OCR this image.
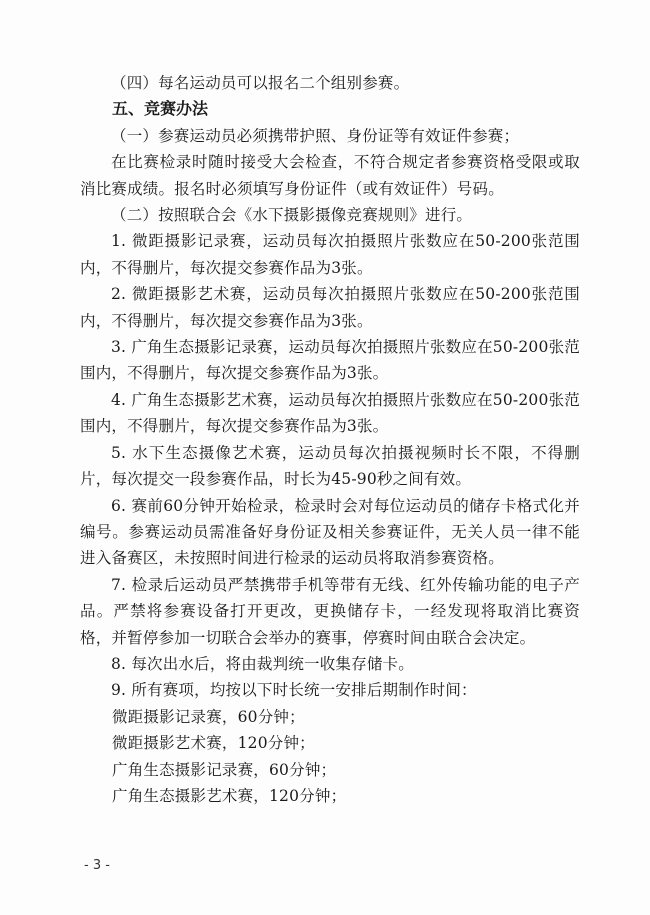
（四）每名运动员可以报名二个组别参赛。

五、竞赛办法

（一）参赛运动员必须携带护照、身份证等有效证件参赛；

在比赛检录时随时接受大会检查，不符合规定者参赛资格受限或取消比赛成绩。报名时必须填写身份证件（或有效证件）号码。

（二）按照联合会《水下摄影摄像竞赛规则》进行。

1. 微距摄影记录赛，运动员每次拍摄照片张数应在50-200张范围内，不得删片，每次提交参赛作品为3张。

2. 微距摄影艺术赛，运动员每次拍摄照片张数应在50-200张范围内，不得删片，每次提交参赛作品为3张。

3. 广角生态摄影记录赛，运动员每次拍摄照片张数应在50-200张范围内，不得删片，每次提交参赛作品为3张。

4. 广角生态摄影艺术赛，运动员每次拍摄照片张数应在50-200张范围内，不得删片，每次提交参赛作品为3张。

5. 水下生态摄像艺术赛，运动员每次拍摄视频时长不限，不得删片，每次提交一段参赛作品，时长为45-90秒之间有效。

6. 赛前60分钟开始检录，检录时会对每位运动员的储存卡格式化并编号。参赛运动员需准备好身份证及相关参赛证件，无关人员一律不能进入备赛区，未按照时间进行检录的运动员将取消参赛资格。

7. 检录后运动员严禁携带手机等带有无线、红外传输功能的电子产品。严禁将参赛设备打开更改，更换储存卡，一经发现将取消比赛资格，并暂停参加一切联合会举办的赛事，停赛时间由联合会决定。

8. 每次出水后，将由裁判统一收集存储卡。

9. 所有赛项，均按以下时长统一安排后期制作时间：

微距摄影记录赛，60分钟；

微距摄影艺术赛，120分钟；

广角生态摄影记录赛，60分钟；

广角生态摄影艺术赛，120分钟；

- 3 -
